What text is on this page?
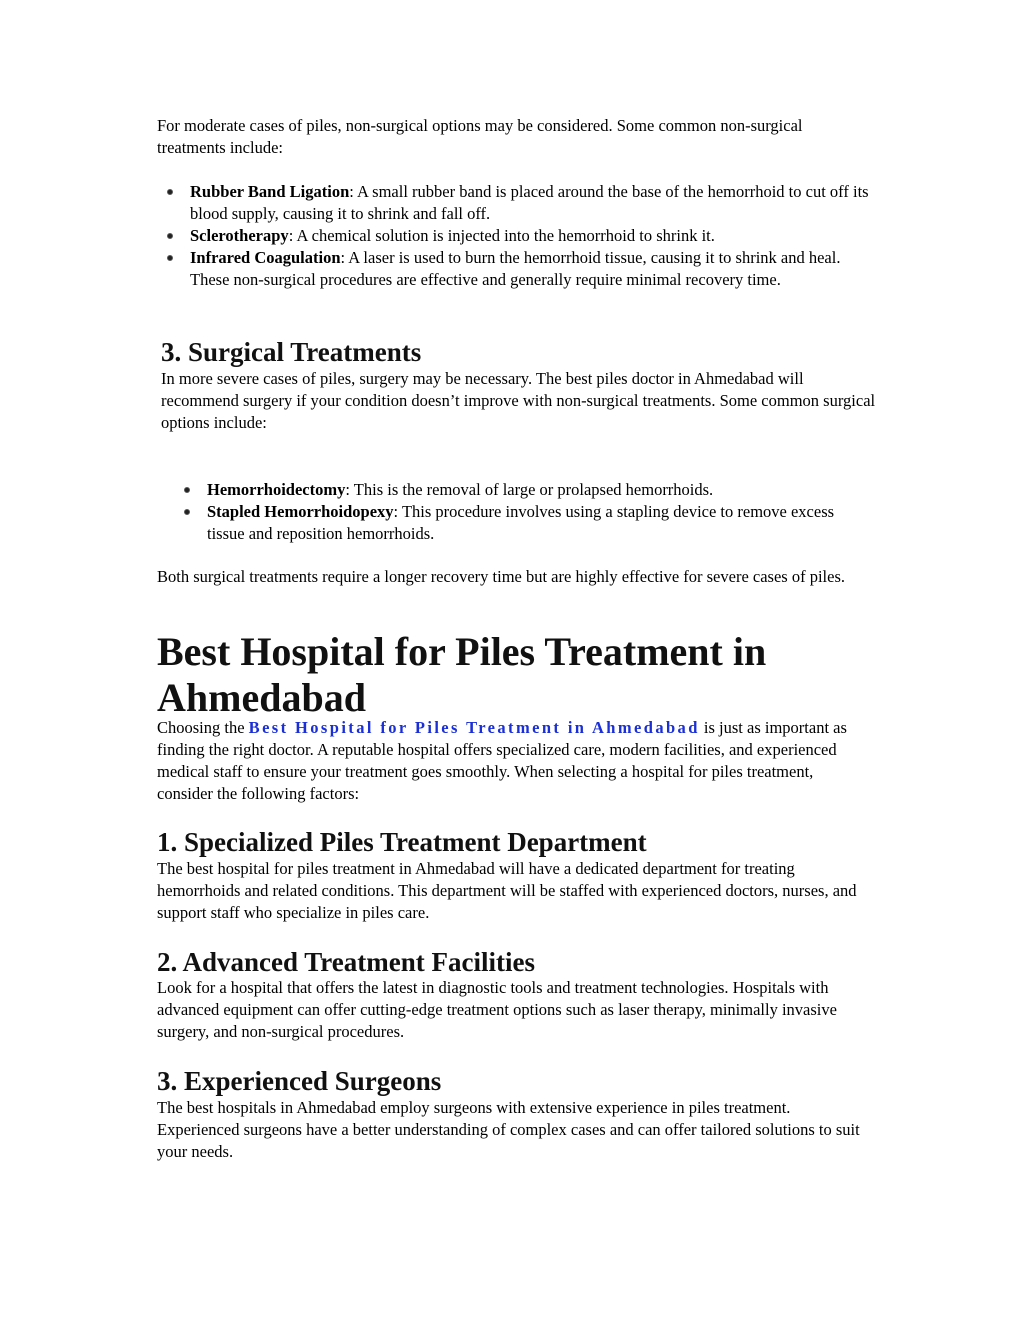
For moderate cases of piles, non-surgical options may be considered. Some common non-surgical treatments include:

Rubber Band Ligation: A small rubber band is placed around the base of the hemorrhoid to cut off its blood supply, causing it to shrink and fall off.
Sclerotherapy: A chemical solution is injected into the hemorrhoid to shrink it.
Infrared Coagulation: A laser is used to burn the hemorrhoid tissue, causing it to shrink and heal.
These non-surgical procedures are effective and generally require minimal recovery time.
3. Surgical Treatments

In more severe cases of piles, surgery may be necessary. The best piles doctor in Ahmedabad will recommend surgery if your condition doesn’t improve with non-surgical treatments. Some common surgical options include:

Hemorrhoidectomy: This is the removal of large or prolapsed hemorrhoids.
Stapled Hemorrhoidopexy: This procedure involves using a stapling device to remove excess tissue and reposition hemorrhoids.

Both surgical treatments require a longer recovery time but are highly effective for severe cases of piles.

Best Hospital for Piles Treatment in Ahmedabad

Choosing the Best Hospital for Piles Treatment in Ahmedabad is just as important as finding the right doctor. A reputable hospital offers specialized care, modern facilities, and experienced medical staff to ensure your treatment goes smoothly. When selecting a hospital for piles treatment, consider the following factors:

1. Specialized Piles Treatment Department

The best hospital for piles treatment in Ahmedabad will have a dedicated department for treating hemorrhoids and related conditions. This department will be staffed with experienced doctors, nurses, and support staff who specialize in piles care.

2. Advanced Treatment Facilities

Look for a hospital that offers the latest in diagnostic tools and treatment technologies. Hospitals with advanced equipment can offer cutting-edge treatment options such as laser therapy, minimally invasive surgery, and non-surgical procedures.

3. Experienced Surgeons

The best hospitals in Ahmedabad employ surgeons with extensive experience in piles treatment. Experienced surgeons have a better understanding of complex cases and can offer tailored solutions to suit your needs.
